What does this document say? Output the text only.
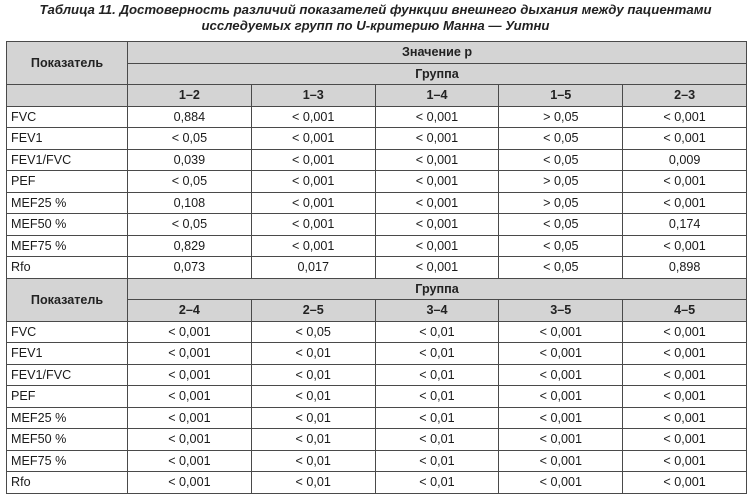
Таблица 11. Достоверность различий показателей функции внешнего дыхания между пациентами
исследуемых групп по U-критерию Манна — Уитни
Показатель	Значение p				
	Группа				
	1–2	1–3	1–4	1–5	2–3
FVC	0,884	< 0,001	< 0,001	> 0,05	< 0,001
FEV1	< 0,05	< 0,001	< 0,001	< 0,05	< 0,001
FEV1/FVC	0,039	< 0,001	< 0,001	< 0,05	0,009
PEF	< 0,05	< 0,001	< 0,001	> 0,05	< 0,001
MEF25 %	0,108	< 0,001	< 0,001	> 0,05	< 0,001
MEF50 %	< 0,05	< 0,001	< 0,001	< 0,05	0,174
MEF75 %	0,829	< 0,001	< 0,001	< 0,05	< 0,001
Rfo	0,073	0,017	< 0,001	< 0,05	0,898
Показатель	Группа				
	2–4	2–5	3–4	3–5	4–5
FVC	< 0,001	< 0,05	< 0,01	< 0,001	< 0,001
FEV1	< 0,001	< 0,01	< 0,01	< 0,001	< 0,001
FEV1/FVC	< 0,001	< 0,01	< 0,01	< 0,001	< 0,001
PEF	< 0,001	< 0,01	< 0,01	< 0,001	< 0,001
MEF25 %	< 0,001	< 0,01	< 0,01	< 0,001	< 0,001
MEF50 %	< 0,001	< 0,01	< 0,01	< 0,001	< 0,001
MEF75 %	< 0,001	< 0,01	< 0,01	< 0,001	< 0,001
Rfo	< 0,001	< 0,01	< 0,01	< 0,001	< 0,001
